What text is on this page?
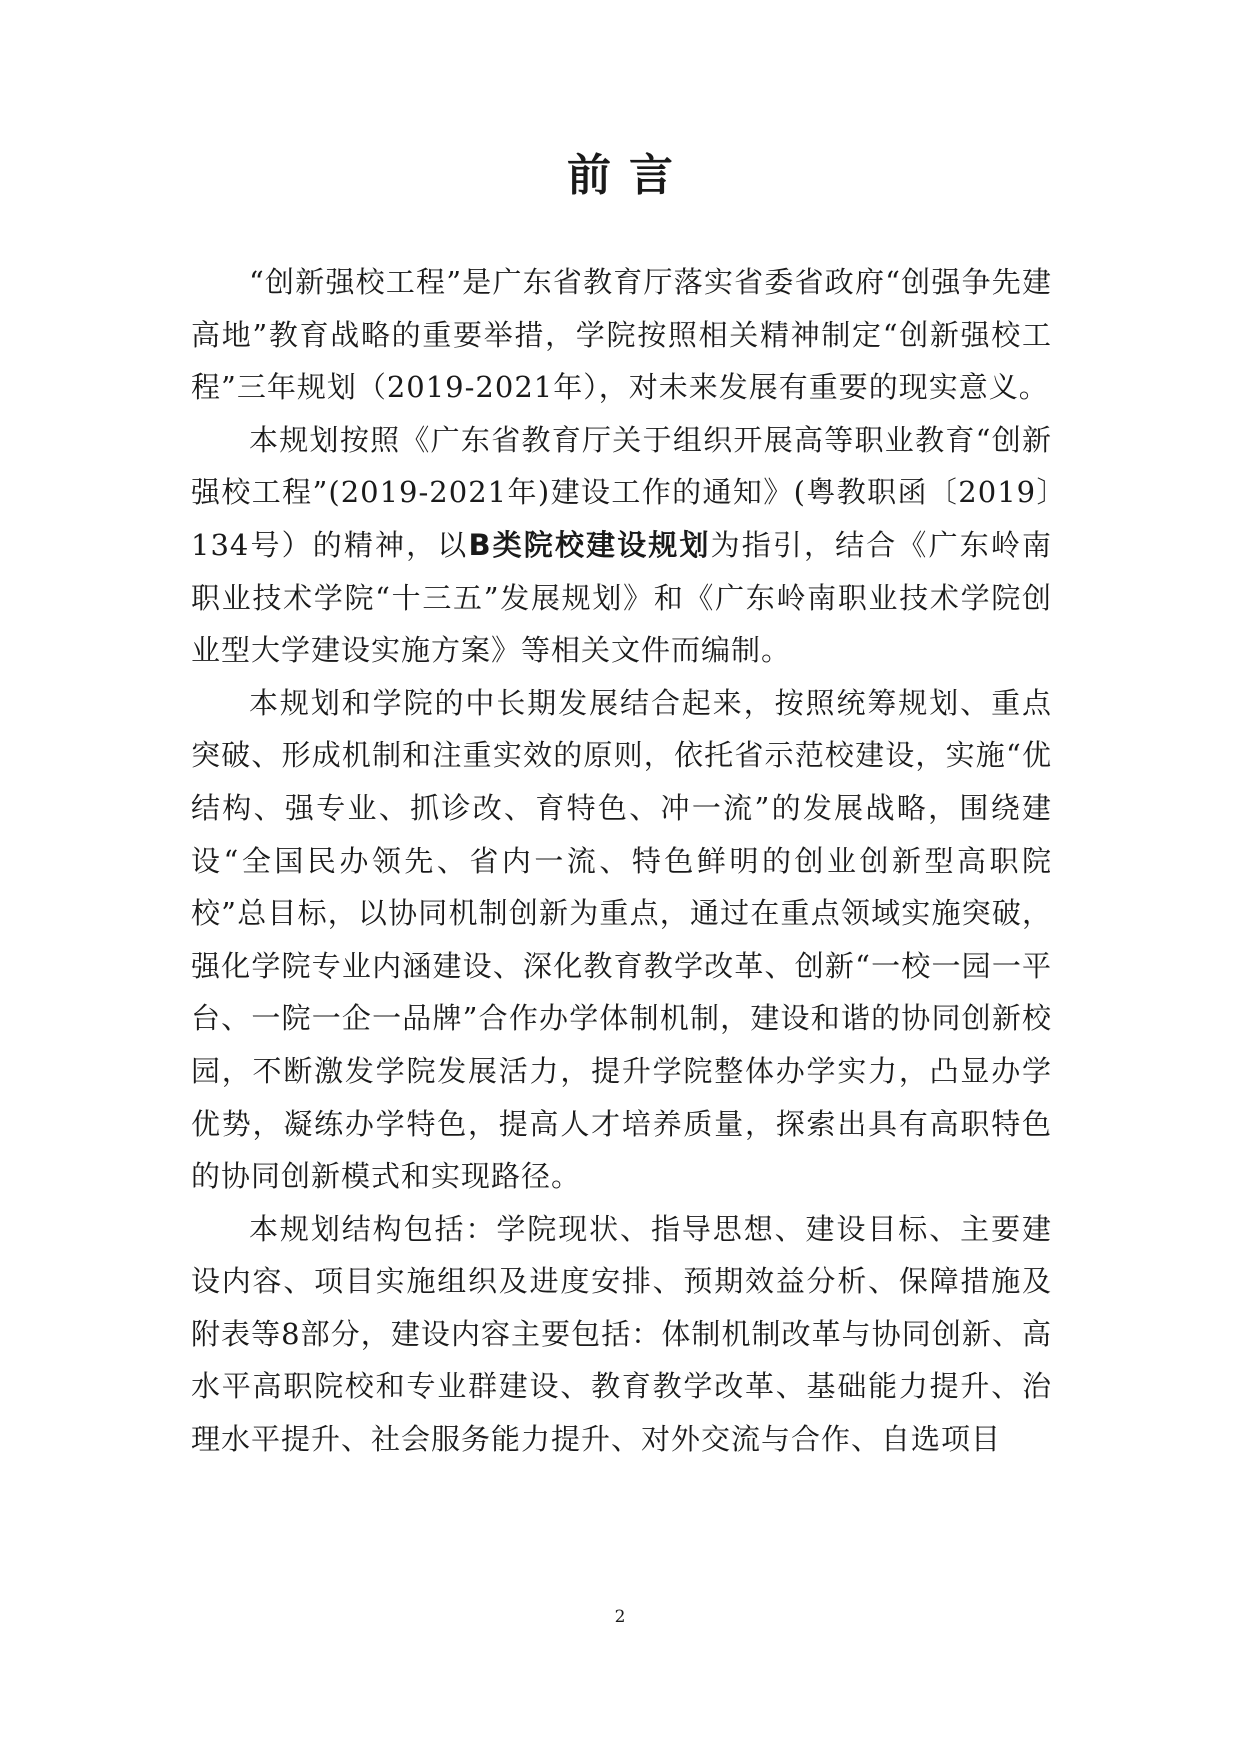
前言

“创新强校工程”是广东省教育厅落实省委省政府“创强争先建高地”教育战略的重要举措，学院按照相关精神制定“创新强校工程”三年规划（2019-2021年），对未来发展有重要的现实意义。

本规划按照《广东省教育厅关于组织开展高等职业教育“创新强校工程”(2019-2021年)建设工作的通知》(粤教职函〔2019〕134号）的精神，以B类院校建设规划为指引，结合《广东岭南职业技术学院“十三五”发展规划》和《广东岭南职业技术学院创业型大学建设实施方案》等相关文件而编制。

本规划和学院的中长期发展结合起来，按照统筹规划、重点突破、形成机制和注重实效的原则，依托省示范校建设，实施“优结构、强专业、抓诊改、育特色、冲一流”的发展战略，围绕建设“全国民办领先、省内一流、特色鲜明的创业创新型高职院校”总目标，以协同机制创新为重点，通过在重点领域实施突破，强化学院专业内涵建设、深化教育教学改革、创新“一校一园一平台、一院一企一品牌”合作办学体制机制，建设和谐的协同创新校园，不断激发学院发展活力，提升学院整体办学实力，凸显办学优势，凝练办学特色，提高人才培养质量，探索出具有高职特色的协同创新模式和实现路径。

本规划结构包括：学院现状、指导思想、建设目标、主要建设内容、项目实施组织及进度安排、预期效益分析、保障措施及附表等8部分，建设内容主要包括：体制机制改革与协同创新、高水平高职院校和专业群建设、教育教学改革、基础能力提升、治理水平提升、社会服务能力提升、对外交流与合作、自选项目

2
